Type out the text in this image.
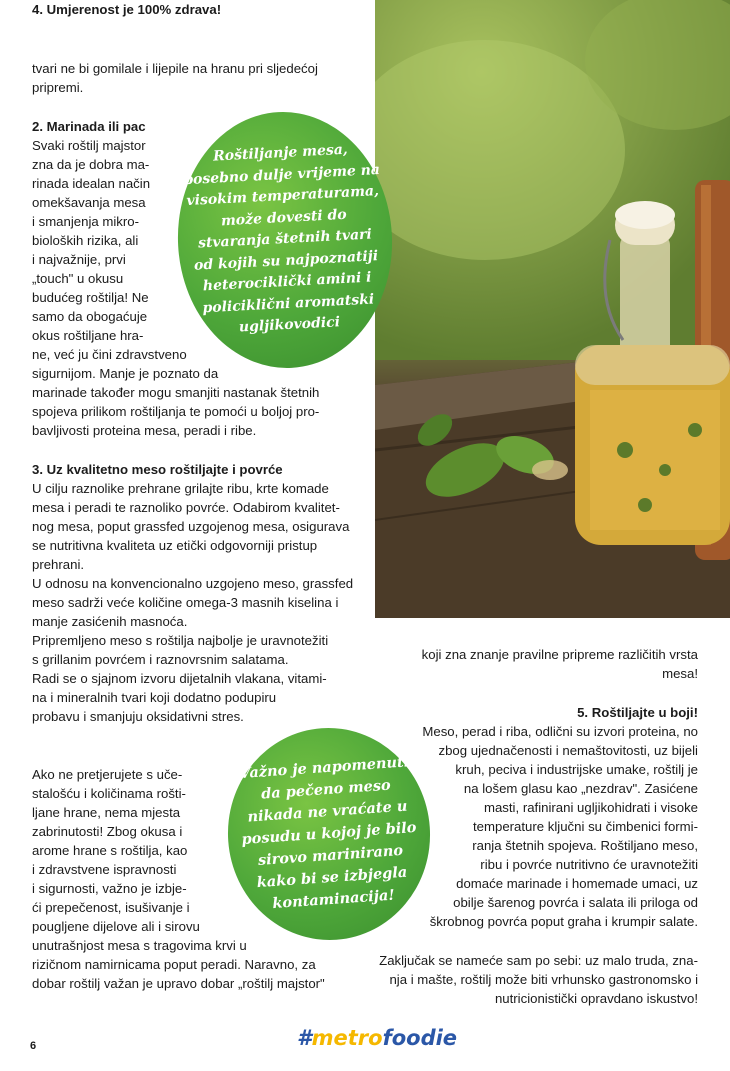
tvari ne bi gomilale i lijepile na hranu pri sljedećoj
pripremi.
2. Marinada ili pac
Svaki roštilj majstor
zna da je dobra ma-
rinada idealan način
omekšavanja mesa
i smanjenja mikro-
bioloških rizika, ali
i najvažnije, prvi
„touch" u okusu
budućeg roštilja! Ne
samo da obogaćuje
okus roštiljane hra-
ne, već ju čini zdravstveno
sigurnijom. Manje je poznato da
marinade također mogu smanjiti nastanak štetnih
spojeva prilikom roštiljanja te pomoći u boljoj pro-
bavljivosti proteina mesa, peradi i ribe.
3. Uz kvalitetno meso roštiljajte i povrće
U cilju raznolike prehrane grilajte ribu, krte komade
mesa i peradi te raznoliko povrće. Odabirom kvalitet-
nog mesa, poput grassfed uzgojenog mesa, osigurava
se nutritivna kvaliteta uz etički odgovorniji pristup
prehrani.
U odnosu na konvencionalno uzgojeno meso, grassfed
meso sadrži veće količine omega-3 masnih kiselina i
manje zasićenih masnoća.
Pripremljeno meso s roštilja najbolje je uravnotežiti
s grillanim povrćem i raznovrsnim salatama.
Radi se o sjajnom izvoru dijetalnih vlakana, vitami-
na i mineralnih tvari koji dodatno podupiru
probavu i smanjuju oksidativni stres.
4. Umjerenost je 100% zdrava!
Ako ne pretjerujete s uče-
stalošću i količinama rošti-
ljane hrane, nema mjesta
zabrinutosti! Zbog okusa i
arome hrane s roštilja, kao
i zdravstvene ispravnosti
i sigurnosti, važno je izbje-
ći prepečenost, isušivanje i
pougljene dijelove ali i sirovu
unutrašnjost mesa s tragovima krvi u
rizičnom namirnicama poput peradi. Naravno, za
dobar roštilj važan je upravo dobar „roštilj majstor"
koji zna znanje pravilne pripreme različitih vrsta
mesa!
5. Roštiljajte u boji!
Meso, perad i riba, odlični su izvori proteina, no
zbog ujednačenosti i nemaštovitosti, uz bijeli
kruh, peciva i industrijske umake, roštilj je
na lošem glasu kao „nezdrav". Zasićene
masti, rafinirani ugljikohidrati i visoke
temperature ključni su čimbenici formi-
ranja štetnih spojeva. Roštiljano meso,
ribu i povrće nutritivno će uravnotežiti
domaće marinade i homemade umaci, uz
obilje šarenog povrća i salata ili priloga od
škrobnog povrća poput graha i krumpir salate.
Zaključak se nameće sam po sebi: uz malo truda, zna-
nja i mašte, roštilj može biti vrhunsko gastronomsko i
nutricionistički opravdano iskustvo!
Roštiljanje mesa,
posebno dulje vrijeme na
visokim temperaturama,
može dovesti do
stvaranja štetnih tvari
od kojih su najpoznatiji
heterociklički amini i
policiklični aromatski
ugljikovodici
Važno je napomenuti
da pečeno meso
nikada ne vraćate u
posudu u kojoj je bilo
sirovo marinirano
kako bi se izbjegla
kontaminacija!
6	#metrofoodie
